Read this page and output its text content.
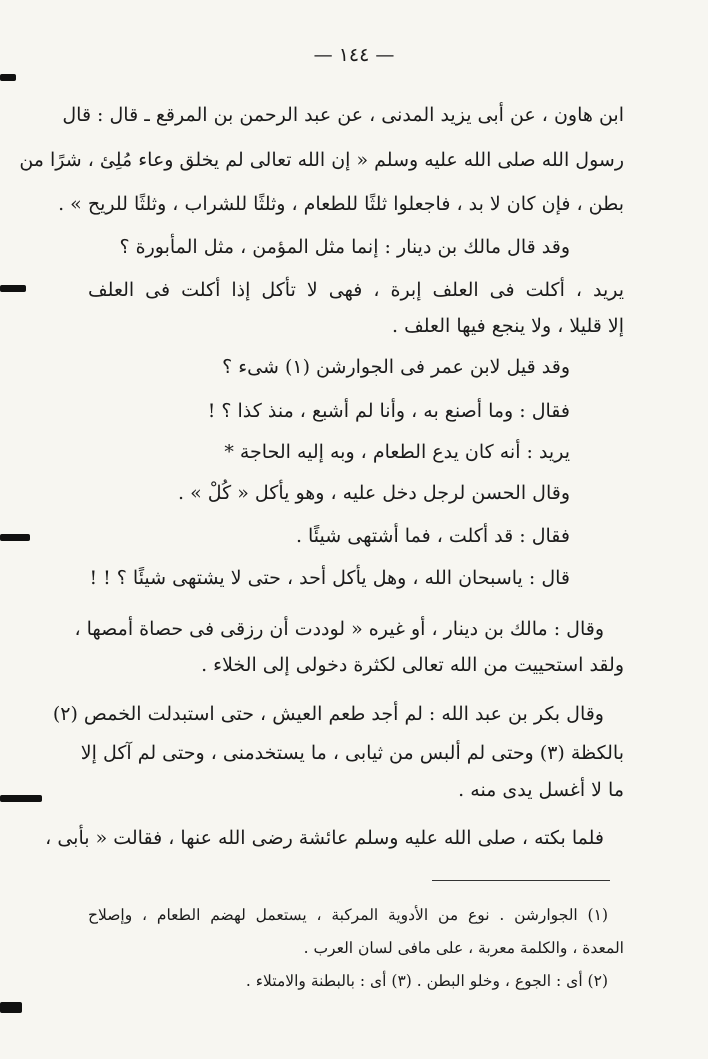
— ١٤٤ —
ابن هاون ، عن أبى يزيد المدنى ، عن عبد الرحمن بن المرقع ـ قال : قال
رسول الله صلى الله عليه وسلم « إن الله تعالى لم يخلق وعاء مُلِئ ، شرًا من
بطن ، فإن كان لا بد ، فاجعلوا ثلثًا للطعام ، وثلثًا للشراب ، وثلثًا للريح » .
وقد قال مالك بن دينار : إنما مثل المؤمن ، مثل المأبورة ؟
يريد ، أكلت فى العلف إبرة ، فهى لا تأكل إذا أكلت فى العلف
إلا قليلا ، ولا ينجع فيها العلف .
وقد قيل لابن عمر فى الجوارشن (١) شىء ؟
فقال : وما أصنع به ، وأنا لم أشبع ، منذ كذا ؟ !
يريد : أنه كان يدع الطعام ، وبه إليه الحاجة *
وقال الحسن لرجل دخل عليه ، وهو يأكل « كُلْ » .
فقال : قد أكلت ، فما أشتهى شيئًا .
قال : ياسبحان الله ، وهل يأكل أحد ، حتى لا يشتهى شيئًا ؟ ! !
وقال : مالك بن دينار ، أو غيره « لوددت أن رزقى فى حصاة أمصها ،
ولقد استحييت من الله تعالى لكثرة دخولى إلى الخلاء .
وقال بكر بن عبد الله : لم أجد طعم العيش ، حتى استبدلت الخمص (٢)
بالكظة (٣) وحتى لم ألبس من ثيابى ، ما يستخدمنى ، وحتى لم آكل إلا
ما لا أغسل يدى منه .
فلما بكته ، صلى الله عليه وسلم عائشة رضى الله عنها ، فقالت « بأبى ،
(١) الجوارشن . نوع من الأدوية المركبة ، يستعمل لهضم الطعام ، وإصلاح
المعدة ، والكلمة معربة ، على مافى لسان العرب .
(٢) أى : الجوع ، وخلو البطن . (٣) أى : بالبطنة والامتلاء .
